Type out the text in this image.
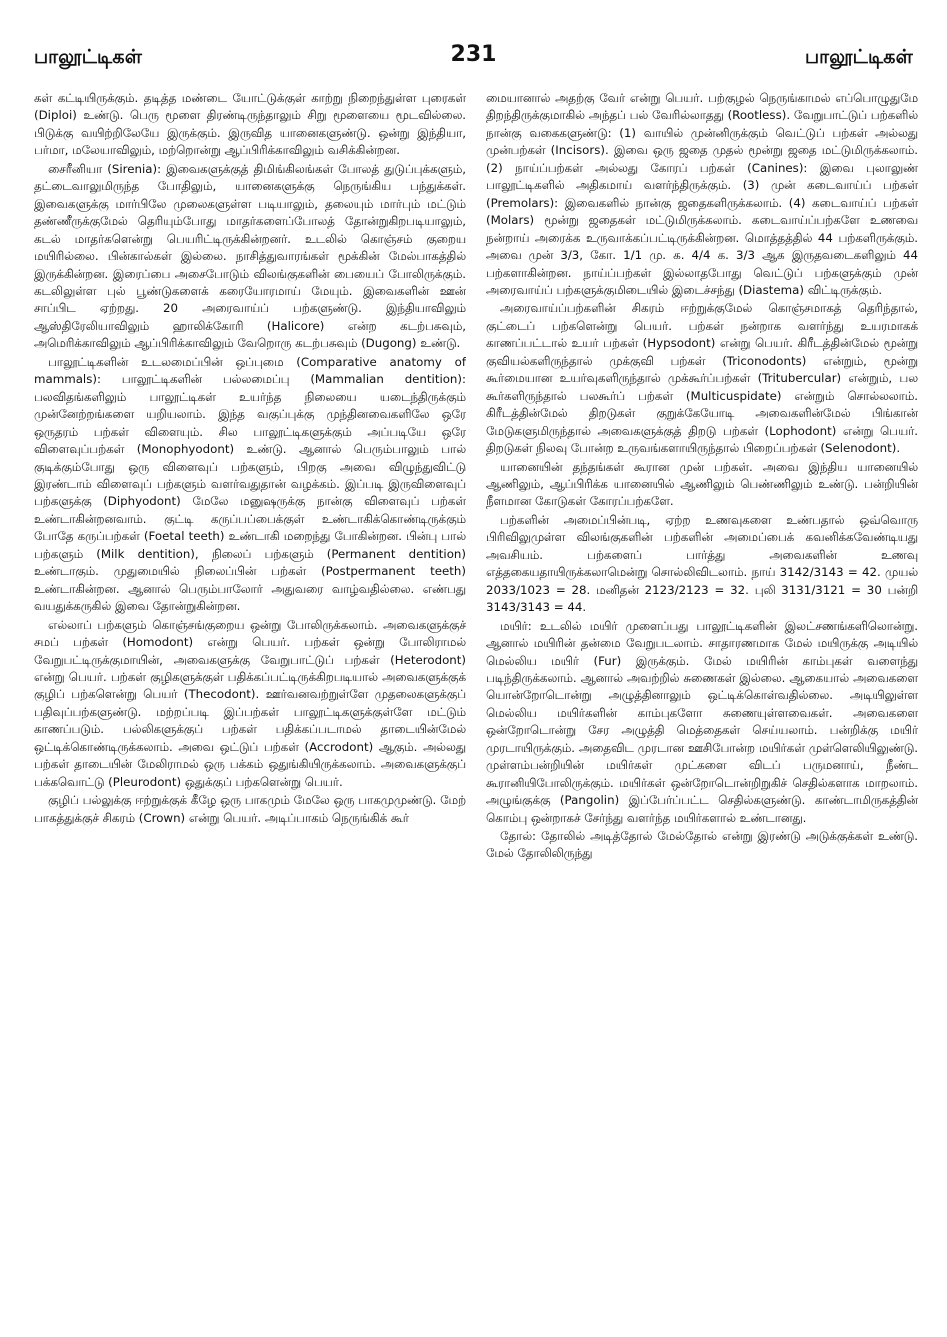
பாலூட்டிகள்	231	பாலூட்டிகள்

கள் கட்டியிருக்கும். தடித்த மண்டை யோட்டுக்குள் காற்று நிறைந்துள்ள புரைகள் (Diploi) உண்டு. பெரு மூளை திரண்டிருந்தாலும் சிறு மூளையை மூடவில்லை. பிடுக்கு வயிற்றிலேயே இருக்கும். இருவித யானைகளுண்டு. ஒன்று இந்தியா, பர்மா, மலேயாவிலும், மற்றொன்று ஆப்பிரிக்காவிலும் வசிக்கின்றன.

சைரீனியா (Sirenia): இவைகளுக்குத் திமிங்கிலங்கள் போலத் துடுப்புக்களும், தட்டைவாலுமிருந்த போதிலும், யானைகளுக்கு நெருங்கிய பந்துக்கள். இவைகளுக்கு மார்பிலே முலைகளுள்ள படியாலும், தலையும் மார்பும் மட்டும் தண்ணீருக்குமேல் தெரியும்போது மாதர்களைப்போலத் தோன்றுகிறபடியாலும், கடல் மாதர்களென்று பெயரிட்டிருக்கின்றனர். உடலில் கொஞ்சம் குறைய மயிரில்லை. பின்கால்கள் இல்லை. நாசித்துவாரங்கள் மூக்கின் மேல்பாகத்தில் இருக்கின்றன. இரைப்பை அசைபோடும் விலங்குகளின் பையைப் போலிருக்கும். கடலிலுள்ள புல் பூண்டுகளைக் கரையோரமாய் மேயும். இவைகளின் ஊன் சாப்பிட ஏற்றது. 20 அரைவாய்ப் பற்களுண்டு. இந்தியாவிலும் ஆஸ்திரேலியாவிலும் ஹாலிக்கோரி (Halicore) என்ற கடற்பசுவும், அமெரிக்காவிலும் ஆப்பிரிக்காவிலும் வேறொரு கடற்பசுவும் (Dugong) உண்டு.

பாலூட்டிகளின் உடலமைப்பின் ஒப்புமை (Comparative anatomy of mammals): பாலூட்டிகளின் பல்லமைப்பு (Mammalian dentition): பலவிதங்களிலும் பாலூட்டிகள் உயர்ந்த நிலையை யடைந்திருக்கும் முன்னேற்றங்களை யறியலாம். இந்த வகுப்புக்கு முந்தினவைகளிலே ஒரே ஒருதரம் பற்கள் விளையும். சில பாலூட்டிகளுக்கும் அப்படியே ஒரே விளைவுப்பற்கள் (Monophyodont) உண்டு. ஆனால் பெரும்பாலும் பால் குடிக்கும்போது ஒரு விளைவுப் பற்களும், பிறகு அவை விழுந்துவிட்டு இரண்டாம் விளைவுப் பற்களும் வளர்வதுதான் வழக்கம். இப்படி இருவிளைவுப் பற்களுக்கு (Diphyodont) மேலே மனுஷருக்கு நான்கு விளைவுப் பற்கள் உண்டாகின்றனவாம். குட்டி கருப்பப்பைக்குள் உண்டாகிக்கொண்டிருக்கும் போதே கருப்பற்கள் (Foetal teeth) உண்டாகி மறைந்து போகின்றன. பின்பு பால் பற்களும் (Milk dentition), நிலைப் பற்களும் (Permanent dentition) உண்டாகும். முதுமையில் நிலைப்பின் பற்கள் (Postpermanent teeth) உண்டாகின்றன. ஆனால் பெரும்பாலோர் அதுவரை வாழ்வதில்லை. எண்பது வயதுக்கருகில் இவை தோன்றுகின்றன.

எல்லாப் பற்களும் கொஞ்சங்குறைய ஒன்று போலிருக்கலாம். அவைகளுக்குச் சமப் பற்கள் (Homodont) என்று பெயர். பற்கள் ஒன்று போலிராமல் வேறுபட்டிருக்குமாயின், அவைகளுக்கு வேறுபாட்டுப் பற்கள் (Heterodont) என்று பெயர். பற்கள் குழிகளுக்குள் பதிக்கப்பட்டிருக்கிறபடியால் அவைகளுக்குக் குழிப் பற்களென்று பெயர் (Thecodont). ஊர்வனவற்றுள்ளே முதலைகளுக்குப் பதிவுப்பற்களுண்டு. மற்றப்படி இப்பற்கள் பாலூட்டிகளுக்குள்ளே மட்டும் காணப்படும். பல்லிகளுக்குப் பற்கள் பதிக்கப்படாமல் தாடையின்மேல் ஒட்டிக்கொண்டிருக்கலாம். அவை ஒட்டுப் பற்கள் (Accrodont) ஆகும். அல்லது பற்கள் தாடையின் மேலிராமல் ஒரு பக்கம் ஒதுங்கியிருக்கலாம். அவைகளுக்குப் பக்கவொட்டு (Pleurodont) ஒதுக்குப் பற்களென்று பெயர்.

குழிப் பல்லுக்கு ஈற்றுக்குக் கீழே ஒரு பாகமும் மேலே ஒரு பாகமுமுண்டு. மேற் பாகத்துக்குச் சிகரம் (Crown) என்று பெயர். அடிப்பாகம் நெருங்கிக் கூர்

மையானால் அதற்கு வேர் என்று பெயர். பற்குழல் நெருங்காமல் எப்பொழுதுமே திறந்திருக்குமாகில் அந்தப் பல் வேரில்லாதது (Rootless). வேறுபாட்டுப் பற்களில் நான்கு வகைகளுண்டு: (1) வாயில் முன்னிருக்கும் வெட்டுப் பற்கள் அல்லது முன்பற்கள் (Incisors). இவை ஒரு ஜதை முதல் மூன்று ஜதை மட்டுமிருக்கலாம். (2) நாய்ப்பற்கள் அல்லது கோரப் பற்கள் (Canines): இவை புலாலுண் பாலூட்டிகளில் அதிகமாய் வளர்ந்திருக்கும். (3) முன் கடைவாய்ப் பற்கள் (Premolars): இவைகளில் நான்கு ஜதைகளிருக்கலாம். (4) கடைவாய்ப் பற்கள் (Molars) மூன்று ஜதைகள் மட்டுமிருக்கலாம். கடைவாய்ப்பற்களே உணவை நன்றாய் அரைக்க உருவாக்கப்பட்டிருக்கின்றன. மொத்தத்தில் 44 பற்களிருக்கும். அவை முன் 3/3, கோ. 1/1 மு. க. 4/4 க. 3/3 ஆக இருதவடைகளிலும் 44 பற்களாகின்றன. நாய்ப்பற்கள் இல்லாதபோது வெட்டுப் பற்களுக்கும் முன் அரைவாய்ப் பற்களுக்குமிடையில் இடைச்சந்து (Diastema) விட்டிருக்கும்.

அரைவாய்ப்பற்களின் சிகரம் ஈற்றுக்குமேல் கொஞ்சமாகத் தெரிந்தால், குட்டைப் பற்களென்று பெயர். பற்கள் நன்றாக வளர்ந்து உயரமாகக் காணப்பட்டால் உயர் பற்கள் (Hypsodont) என்று பெயர். கிரீடத்தின்மேல் மூன்று குவியல்களிருந்தால் முக்குவி பற்கள் (Triconodonts) என்றும், மூன்று கூர்மையான உயர்வுகளிருந்தால் முக்கூர்ப்பற்கள் (Tritubercular) என்றும், பல கூர்களிருந்தால் பலகூர்ப் பற்கள் (Multicuspidate) என்றும் சொல்லலாம். கிரீடத்தின்மேல் திறடுகள் குறுக்கேயோடி அவைகளின்மேல் பிங்கான் மேடுகளுமிருந்தால் அவைகளுக்குத் திறடு பற்கள் (Lophodont) என்று பெயர். திறடுகள் நிலவு போன்ற உருவங்களாயிருந்தால் பிறைப்பற்கள் (Selenodont).

யானையின் தந்தங்கள் கூரான முன் பற்கள். அவை இந்திய யானையில் ஆணிலும், ஆப்பிரிக்க யானையில் ஆணிலும் பெண்ணிலும் உண்டு. பன்றியின் நீளமான கோடுகள் கோரப்பற்களே.

பற்களின் அமைப்பின்படி, ஏற்ற உணவுகளை உண்பதால் ஒவ்வொரு பிரிவிலுமுள்ள விலங்குகளின் பற்களின் அமைப்பைக் கவனிக்கவேண்டியது அவசியம். பற்களைப் பார்த்து அவைகளின் உணவு எத்தகையதாயிருக்கலாமென்று சொல்லிவிடலாம். நாய் 3142/3143 = 42. முயல் 2033/1023 = 28. மனிதன் 2123/2123 = 32. புலி 3131/3121 = 30 பன்றி 3143/3143 = 44.

மயிர்: உடலில் மயிர் முளைப்பது பாலூட்டிகளின் இலட்சணங்களிலொன்று. ஆனால் மயிரின் தன்மை வேறுபடலாம். சாதாரணமாக மேல் மயிருக்கு அடியில் மெல்லிய மயிர் (Fur) இருக்கும். மேல் மயிரின் காம்புகள் வளைந்து படிந்திருக்கலாம். ஆனால் அவற்றில் சுணைகள் இல்லை. ஆகையால் அவைகளை யொன்றோடொன்று அழுத்தினாலும் ஒட்டிக்கொள்வதில்லை. அடியிலுள்ள மெல்லிய மயிர்களின் காம்புகளோ சுணையுள்ளவைகள். அவைகளை ஒன்றோடொன்று சேர அழுத்தி மெத்தைகள் செய்யலாம். பன்றிக்கு மயிர் முரடாயிருக்கும். அதைவிட முரடான ஊசிபோன்ற மயிர்கள் முள்ளெலியிலுண்டு. முள்ளம்பன்றியின் மயிர்கள் முட்களை விடப் பருமனாய், நீண்ட கூரானியிபோலிருக்கும். மயிர்கள் ஒன்றோடொன்றிறுகிச் செதில்களாக மாறலாம். அழுங்குக்கு (Pangolin) இப்பேர்ப்பட்ட செதில்களுண்டு. காண்டாமிருகத்தின் கொம்பு ஒன்றாகச் சேர்ந்து வளர்ந்த மயிர்களால் உண்டானது.

தோல்: தோலில் அடித்தோல் மேல்தோல் என்று இரண்டு அடுக்குக்கள் உண்டு. மேல் தோலிலிருந்து
